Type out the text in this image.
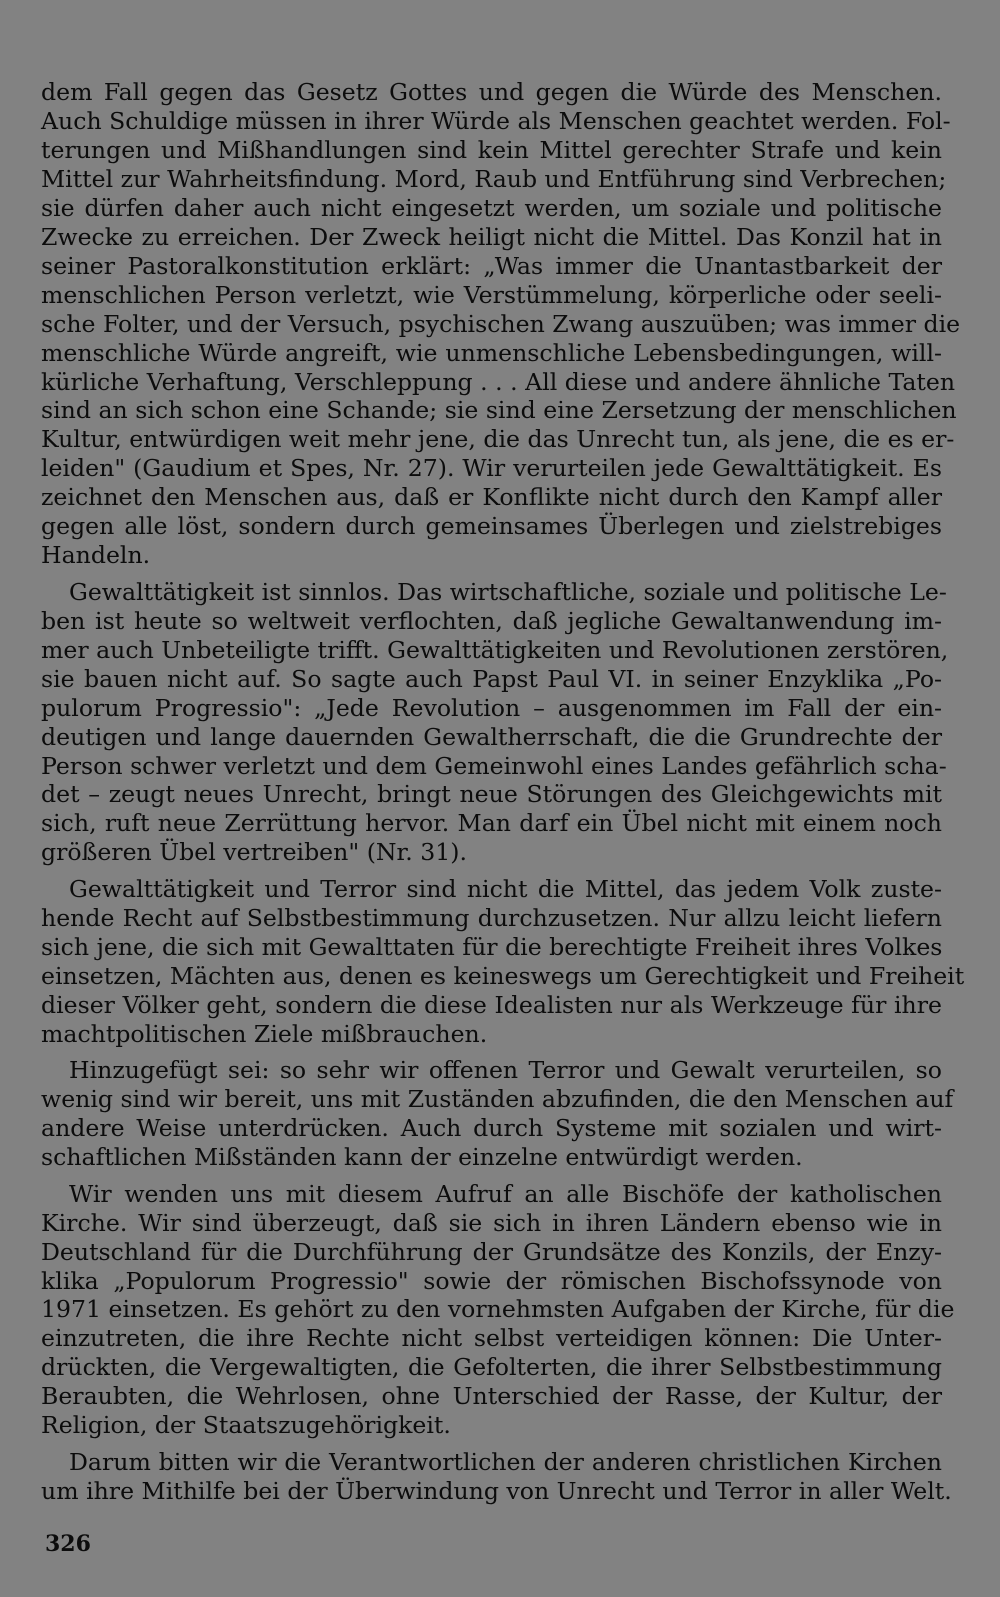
dem Fall gegen das Gesetz Gottes und gegen die Würde des Menschen.
Auch Schuldige müssen in ihrer Würde als Menschen geachtet werden. Fol-
terungen und Mißhandlungen sind kein Mittel gerechter Strafe und kein
Mittel zur Wahrheitsfindung. Mord, Raub und Entführung sind Verbrechen;
sie dürfen daher auch nicht eingesetzt werden, um soziale und politische
Zwecke zu erreichen. Der Zweck heiligt nicht die Mittel. Das Konzil hat in
seiner Pastoralkonstitution erklärt: „Was immer die Unantastbarkeit der
menschlichen Person verletzt, wie Verstümmelung, körperliche oder seeli-
sche Folter, und der Versuch, psychischen Zwang auszuüben; was immer die
menschliche Würde angreift, wie unmenschliche Lebensbedingungen, will-
kürliche Verhaftung, Verschleppung . . . All diese und andere ähnliche Taten
sind an sich schon eine Schande; sie sind eine Zersetzung der menschlichen
Kultur, entwürdigen weit mehr jene, die das Unrecht tun, als jene, die es er-
leiden" (Gaudium et Spes, Nr. 27). Wir verurteilen jede Gewalttätigkeit. Es
zeichnet den Menschen aus, daß er Konflikte nicht durch den Kampf aller
gegen alle löst, sondern durch gemeinsames Überlegen und zielstrebiges
Handeln.
Gewalttätigkeit ist sinnlos. Das wirtschaftliche, soziale und politische Le-
ben ist heute so weltweit verflochten, daß jegliche Gewaltanwendung im-
mer auch Unbeteiligte trifft. Gewalttätigkeiten und Revolutionen zerstören,
sie bauen nicht auf. So sagte auch Papst Paul VI. in seiner Enzyklika „Po-
pulorum Progressio": „Jede Revolution – ausgenommen im Fall der ein-
deutigen und lange dauernden Gewaltherrschaft, die die Grundrechte der
Person schwer verletzt und dem Gemeinwohl eines Landes gefährlich scha-
det – zeugt neues Unrecht, bringt neue Störungen des Gleichgewichts mit
sich, ruft neue Zerrüttung hervor. Man darf ein Übel nicht mit einem noch
größeren Übel vertreiben" (Nr. 31).
Gewalttätigkeit und Terror sind nicht die Mittel, das jedem Volk zuste-
hende Recht auf Selbstbestimmung durchzusetzen. Nur allzu leicht liefern
sich jene, die sich mit Gewalttaten für die berechtigte Freiheit ihres Volkes
einsetzen, Mächten aus, denen es keineswegs um Gerechtigkeit und Freiheit
dieser Völker geht, sondern die diese Idealisten nur als Werkzeuge für ihre
machtpolitischen Ziele mißbrauchen.
Hinzugefügt sei: so sehr wir offenen Terror und Gewalt verurteilen, so
wenig sind wir bereit, uns mit Zuständen abzufinden, die den Menschen auf
andere Weise unterdrücken. Auch durch Systeme mit sozialen und wirt-
schaftlichen Mißständen kann der einzelne entwürdigt werden.
Wir wenden uns mit diesem Aufruf an alle Bischöfe der katholischen
Kirche. Wir sind überzeugt, daß sie sich in ihren Ländern ebenso wie in
Deutschland für die Durchführung der Grundsätze des Konzils, der Enzy-
klika „Populorum Progressio" sowie der römischen Bischofssynode von
1971 einsetzen. Es gehört zu den vornehmsten Aufgaben der Kirche, für die
einzutreten, die ihre Rechte nicht selbst verteidigen können: Die Unter-
drückten, die Vergewaltigten, die Gefolterten, die ihrer Selbstbestimmung
Beraubten, die Wehrlosen, ohne Unterschied der Rasse, der Kultur, der
Religion, der Staatszugehörigkeit.
Darum bitten wir die Verantwortlichen der anderen christlichen Kirchen
um ihre Mithilfe bei der Überwindung von Unrecht und Terror in aller Welt.
326
